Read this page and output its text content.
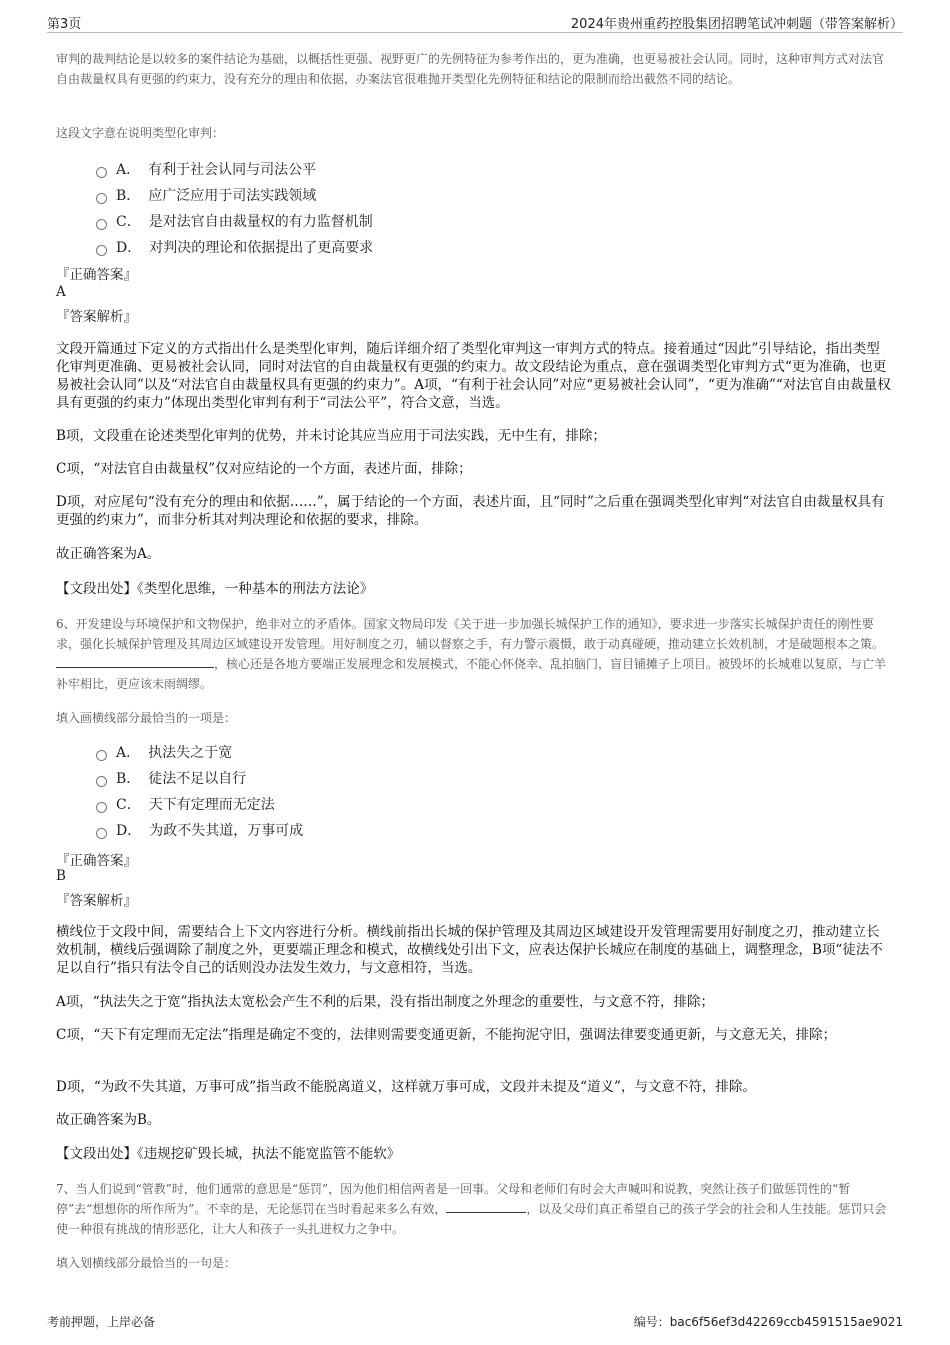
第3页	2024年贵州重药控股集团招聘笔试冲刺题（带答案解析）
审判的裁判结论是以较多的案件结论为基础，以概括性更强、视野更广的先例特征为参考作出的，更为准确，也更易被社会认同。同时，这种审判方式对法官自由裁量权具有更强的约束力，没有充分的理由和依据，办案法官很难抛开类型化先例特征和结论的限制而给出截然不同的结论。
这段文字意在说明类型化审判：
A． 有利于社会认同与司法公平
B． 应广泛应用于司法实践领域
C． 是对法官自由裁量权的有力监督机制
D． 对判决的理论和依据提出了更高要求
『正确答案』
A
『答案解析』
文段开篇通过下定义的方式指出什么是类型化审判，随后详细介绍了类型化审判这一审判方式的特点。接着通过“因此”引导结论，指出类型化审判更准确、更易被社会认同，同时对法官的自由裁量权有更强的约束力。故文段结论为重点，意在强调类型化审判方式“更为准确，也更易被社会认同”以及“对法官自由裁量权具有更强的约束力”。A项，“有利于社会认同”对应“更易被社会认同”，“更为准确”“对法官自由裁量权具有更强的约束力”体现出类型化审判有利于“司法公平”，符合文意，当选。
B项，文段重在论述类型化审判的优势，并未讨论其应当应用于司法实践，无中生有，排除；
C项，“对法官自由裁量权”仅对应结论的一个方面，表述片面，排除；
D项，对应尾句“没有充分的理由和依据……”，属于结论的一个方面，表述片面，且“同时”之后重在强调类型化审判“对法官自由裁量权具有更强的约束力”，而非分析其对判决理论和依据的要求，排除。
故正确答案为A。
【文段出处】《类型化思维，一种基本的刑法方法论》
6、开发建设与环境保护和文物保护，绝非对立的矛盾体。国家文物局印发《关于进一步加强长城保护工作的通知》，要求进一步落实长城保护责任的刚性要求，强化长城保护管理及其周边区域建设开发管理。用好制度之刃，辅以督察之手，有力警示震慑，敢于动真碰硬，推动建立长效机制，才是破题根本之策。，核心还是各地方要端正发展理念和发展模式，不能心怀侥幸、乱拍脑门，盲目铺摊子上项目。被毁坏的长城难以复原，与亡羊补牢相比，更应该未雨绸缪。
填入画横线部分最恰当的一项是：
A． 执法失之于宽
B． 徒法不足以自行
C． 天下有定理而无定法
D． 为政不失其道，万事可成
『正确答案』
B
『答案解析』
横线位于文段中间，需要结合上下文内容进行分析。横线前指出长城的保护管理及其周边区域建设开发管理需要用好制度之刃，推动建立长效机制，横线后强调除了制度之外，更要端正理念和模式，故横线处引出下文，应表达保护长城应在制度的基础上，调整理念，B项“徒法不足以自行”指只有法令自己的话则没办法发生效力，与文意相符，当选。
A项，“执法失之于宽”指执法太宽松会产生不利的后果，没有指出制度之外理念的重要性，与文意不符，排除；
C项，“天下有定理而无定法”指理是确定不变的，法律则需要变通更新，不能拘泥守旧，强调法律要变通更新，与文意无关，排除；
D项，“为政不失其道，万事可成”指当政不能脱离道义，这样就万事可成，文段并未提及“道义”，与文意不符，排除。
故正确答案为B。
【文段出处】《违规挖矿毁长城，执法不能宽监管不能软》
7、当人们说到“管教”时，他们通常的意思是“惩罚”，因为他们相信两者是一回事。父母和老师们有时会大声喊叫和说教，突然让孩子们做惩罚性的“暂停”去“想想你的所作所为”。不幸的是，无论惩罚在当时看起来多么有效，	，以及父母们真正希望自己的孩子学会的社会和人生技能。惩罚只会使一种很有挑战的情形恶化，让大人和孩子一头扎进权力之争中。
填入划横线部分最恰当的一句是：
考前押题，上岸必备	编号：bac6f56ef3d42269ccb4591515ae9021
